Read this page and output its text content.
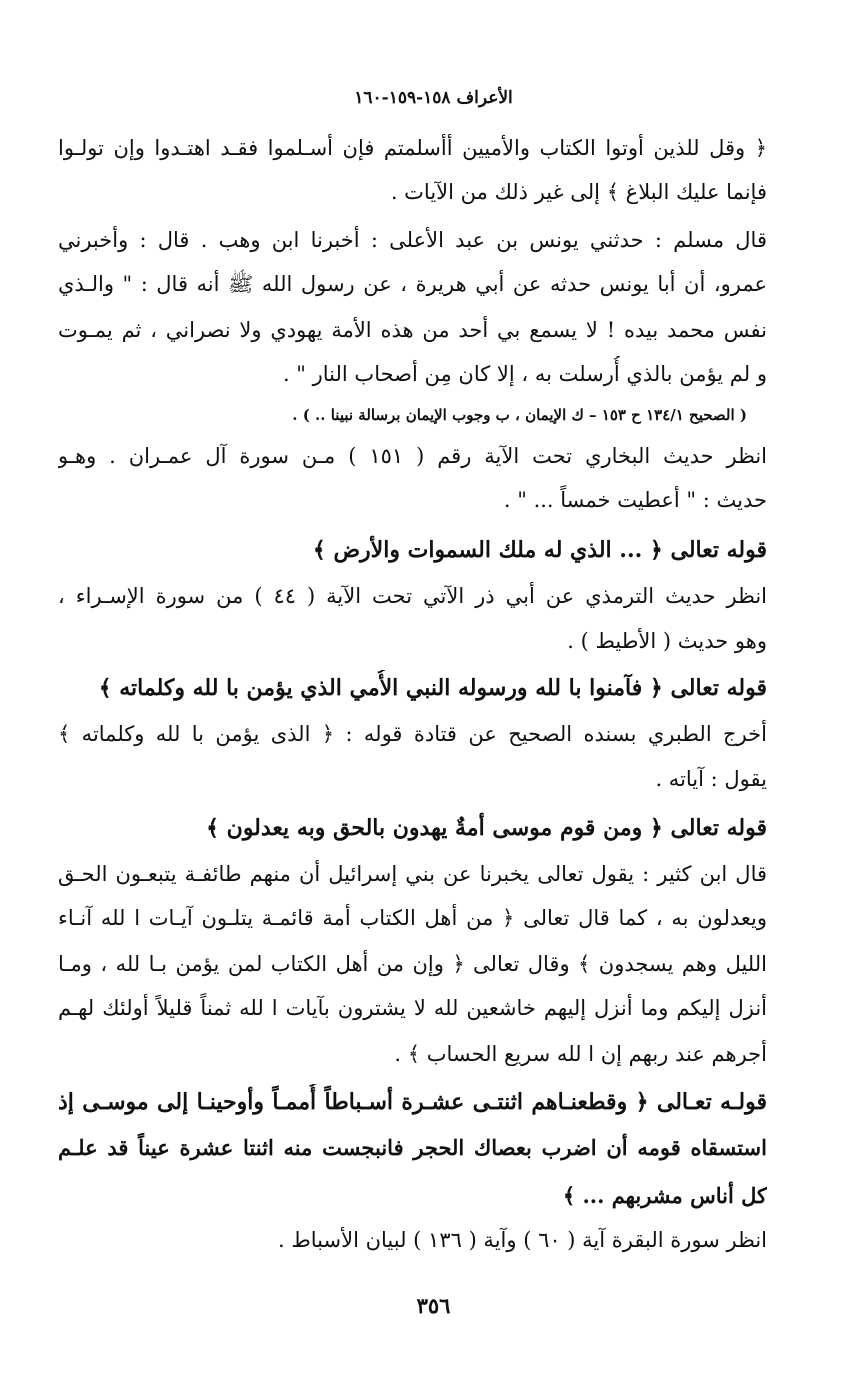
الأعراف ١٥٨-١٥٩-١٦٠
﴿ وقل للذين أوتوا الكتاب والأميين أأسلمتم فإن أسـلموا فقـد اهتـدوا وإن تولـوا
فإنما عليك البلاغ ﴾ إلى غير ذلك من الآيات .
قال مسلم : حدثني يونس بن عبد الأعلى : أخبرنا ابن وهب . قال : وأخبرني
عمرو، أن أبا يونس حدثه عن أبي هريرة ، عن رسول الله ﷺ أنه قال : " والـذي
نفس محمد بيده ! لا يسمع بي أحد من هذه الأمة يهودي ولا نصراني ، ثم يمـوت
و لم يؤمن بالذي أُرسلت به ، إلا كان مِن أصحاب النار " .
( الصحيح ١٣٤/١ ح ١٥٣ – ك الإيمان ، ب وجوب الإيمان برسالة نبينا .. ) .
انظر حديث البخاري تحت الآية رقم ( ١٥١ ) مـن سورة آل عمـران . وهـو
حديث : " أعطيت خمساً ... " .
قوله تعالى ﴿ ... الذي له ملك السموات والأرض ﴾
انظر حديث الترمذي عن أبي ذر الآتي تحت الآية ( ٤٤ ) من سورة الإسـراء ،
وهو حديث ( الأطيط ) .
قوله تعالى ﴿ فآمنوا با لله ورسوله النبي الأُمي الذي يؤمن با لله وكلماته ﴾
أخرج الطبري بسنده الصحيح عن قتادة قوله : ﴿ الذى يؤمن با لله وكلماته ﴾
يقول : آياته .
قوله تعالى ﴿ ومن قوم موسى أمةٌ يهدون بالحق وبه يعدلون ﴾
قال ابن كثير : يقول تعالى يخبرنا عن بني إسرائيل أن منهم طائفـة يتبعـون الحـق
ويعدلون به ، كما قال تعالى ﴿ من أهل الكتاب أمة قائمـة يتلـون آيـات ا لله آنـاء
الليل وهم يسجدون ﴾ وقال تعالى ﴿ وإن من أهل الكتاب لمن يؤمن بـا لله ، ومـا
أنزل إليكم وما أنزل إليهم خاشعين لله لا يشترون بآيات ا لله ثمناً قليلاً أولئك لهـم
أجرهم عند ربهم إن ا لله سريع الحساب ﴾ .
قولـه تعـالى ﴿ وقطعنـاهم اثنتـى عشـرة أسـباطاً أُممـاً وأوحينـا إلى موسـى إذ
استسقاه قومه أن اضرب بعصاك الحجر فانبجست منه اثنتا عشرة عيناً قد علـم
كل أناس مشربهم ... ﴾
انظر سورة البقرة آية ( ٦٠ ) وآية ( ١٣٦ ) لبيان الأسباط .
٣٥٦
